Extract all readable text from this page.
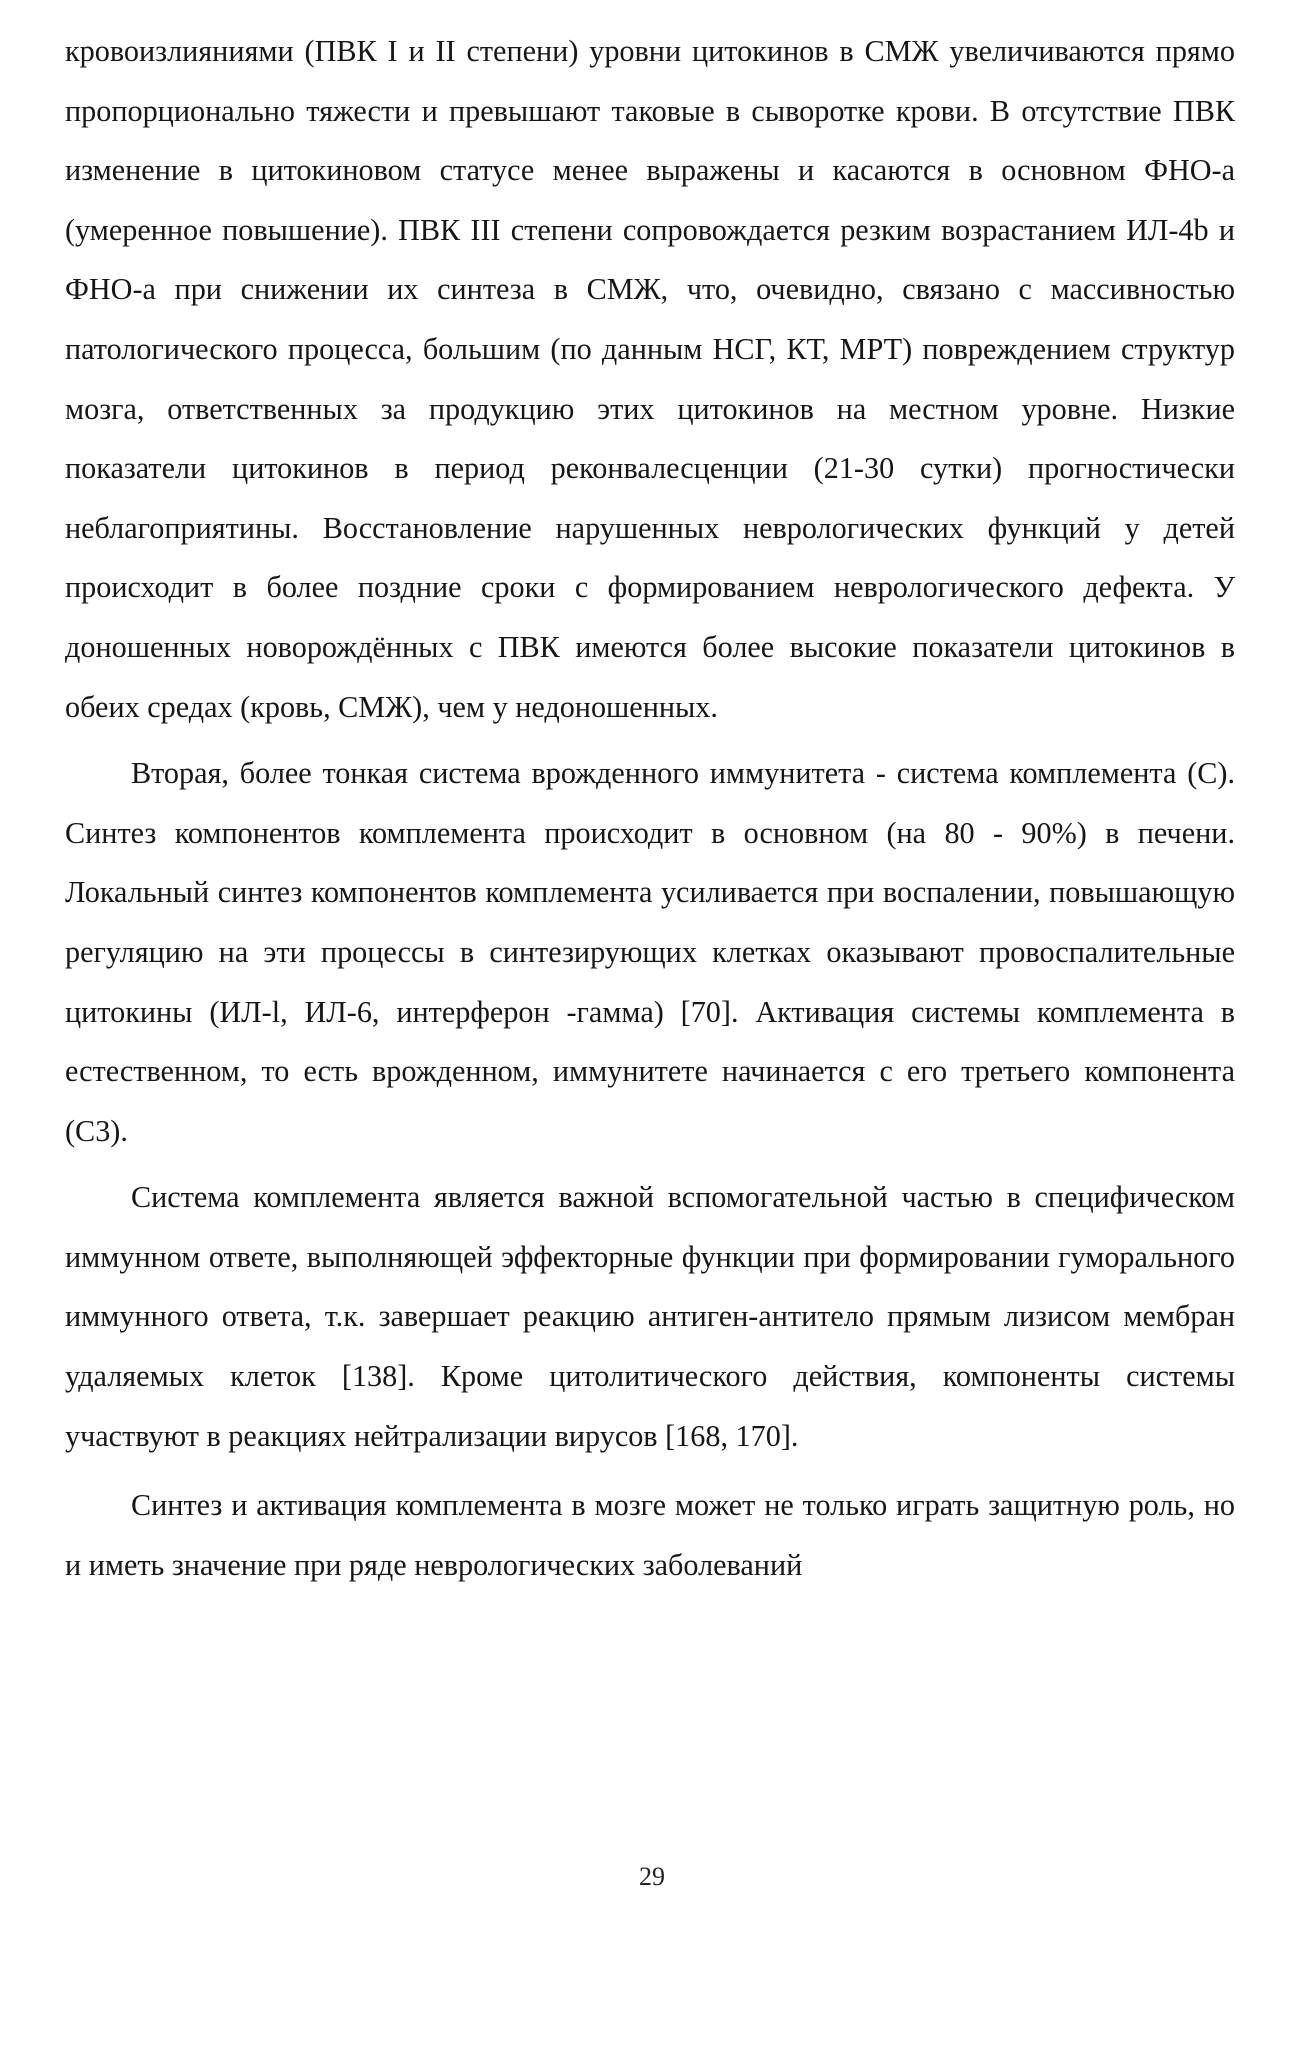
кровоизлияниями (ПВК I и II степени) уровни цитокинов в СМЖ увеличиваются прямо пропорционально тяжести и превышают таковые в сыворотке крови. В отсутствие ПВК изменение в цитокиновом статусе менее выражены и касаются в основном ФНО-а (умеренное повышение). ПВК III степени сопровождается резким возрастанием ИЛ-4b и ФНО-а при снижении их синтеза в СМЖ, что, очевидно, связано с массивностью патологического процесса, большим (по данным НСГ, КТ, МРТ) повреждением структур мозга, ответственных за продукцию этих цитокинов на местном уровне. Низкие показатели цитокинов в период реконвалесценции (21-30 сутки) прогностически неблагоприятины. Восстановление нарушенных неврологических функций у детей происходит в более поздние сроки с формированием неврологического дефекта. У доношенных новорождённых с ПВК имеются более высокие показатели цитокинов в обеих средах (кровь, СМЖ), чем у недоношенных.

Вторая, более тонкая система врожденного иммунитета - система комплемента (С). Синтез компонентов комплемента происходит в основном (на 80 - 90%) в печени. Локальный синтез компонентов комплемента усиливается при воспалении, повышающую регуляцию на эти процессы в синтезирующих клетках оказывают провоспалительные цитокины (ИЛ-l, ИЛ-6, интерферон -гамма) [70]. Активация системы комплемента в естественном, то есть врожденном, иммунитете начинается с его третьего компонента (С3).

Система комплемента является важной вспомогательной частью в специфическом иммунном ответе, выполняющей эффекторные функции при формировании гуморального иммунного ответа, т.к. завершает реакцию антиген-антитело прямым лизисом мембран удаляемых клеток [138]. Кроме цитолитического действия, компоненты системы участвуют в реакциях нейтрализации вирусов [168, 170].

Синтез и активация комплемента в мозге может не только играть защитную роль, но и иметь значение при ряде неврологических заболеваний

29
